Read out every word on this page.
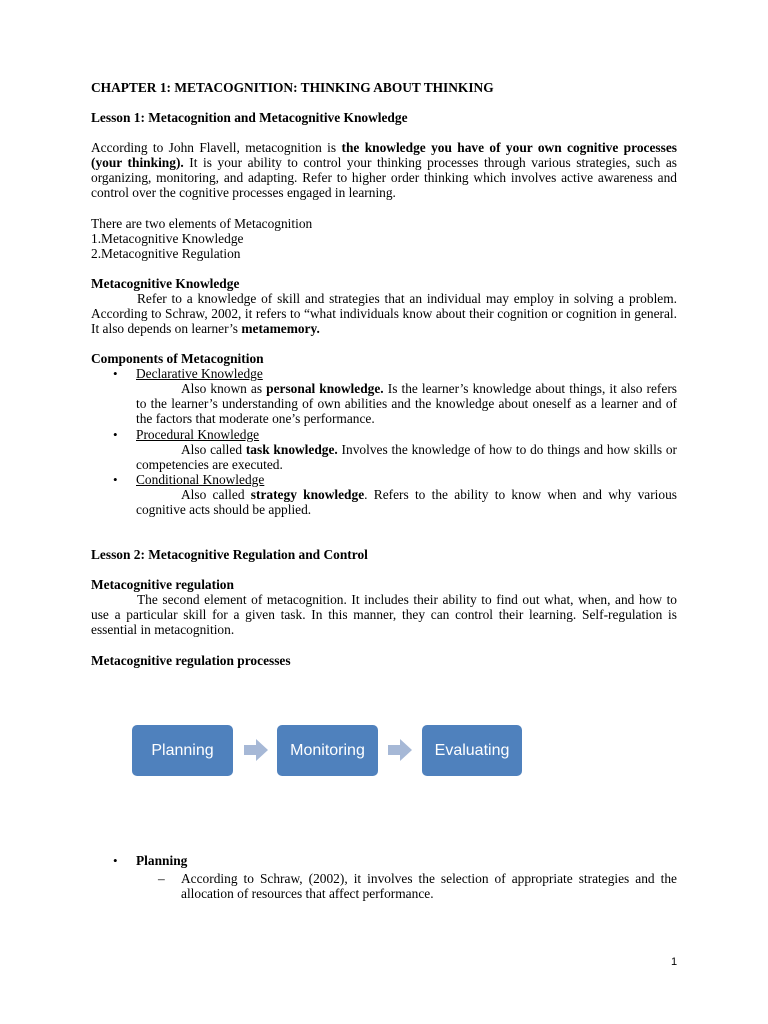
CHAPTER 1: METACOGNITION: THINKING ABOUT THINKING

Lesson 1: Metacognition and Metacognitive Knowledge

According to John Flavell, metacognition is the knowledge you have of your own cognitive processes (your thinking). It is your ability to control your thinking processes through various strategies, such as organizing, monitoring, and adapting. Refer to higher order thinking which involves active awareness and control over the cognitive processes engaged in learning.

There are two elements of Metacognition

1.Metacognitive Knowledge

2.Metacognitive Regulation

Metacognitive Knowledge

Refer to a knowledge of skill and strategies that an individual may employ in solving a problem. According to Schraw, 2002, it refers to “what individuals know about their cognition or cognition in general. It also depends on learner’s metamemory.

Components of Metacognition

• Declarative Knowledge

Also known as personal knowledge. Is the learner’s knowledge about things, it also refers to the learner’s understanding of own abilities and the knowledge about oneself as a learner and of the factors that moderate one’s performance.

• Procedural Knowledge

Also called task knowledge. Involves the knowledge of how to do things and how skills or competencies are executed.

• Conditional Knowledge

Also called strategy knowledge. Refers to the ability to know when and why various cognitive acts should be applied.

Lesson 2: Metacognitive Regulation and Control

Metacognitive regulation

The second element of metacognition. It includes their ability to find out what, when, and how to use a particular skill for a given task. In this manner, they can control their learning. Self-regulation is essential in metacognition.

Metacognitive regulation processes

Planning	Monitoring	Evaluating
• Planning

– According to Schraw, (2002), it involves the selection of appropriate strategies and the allocation of resources that affect performance.

1
